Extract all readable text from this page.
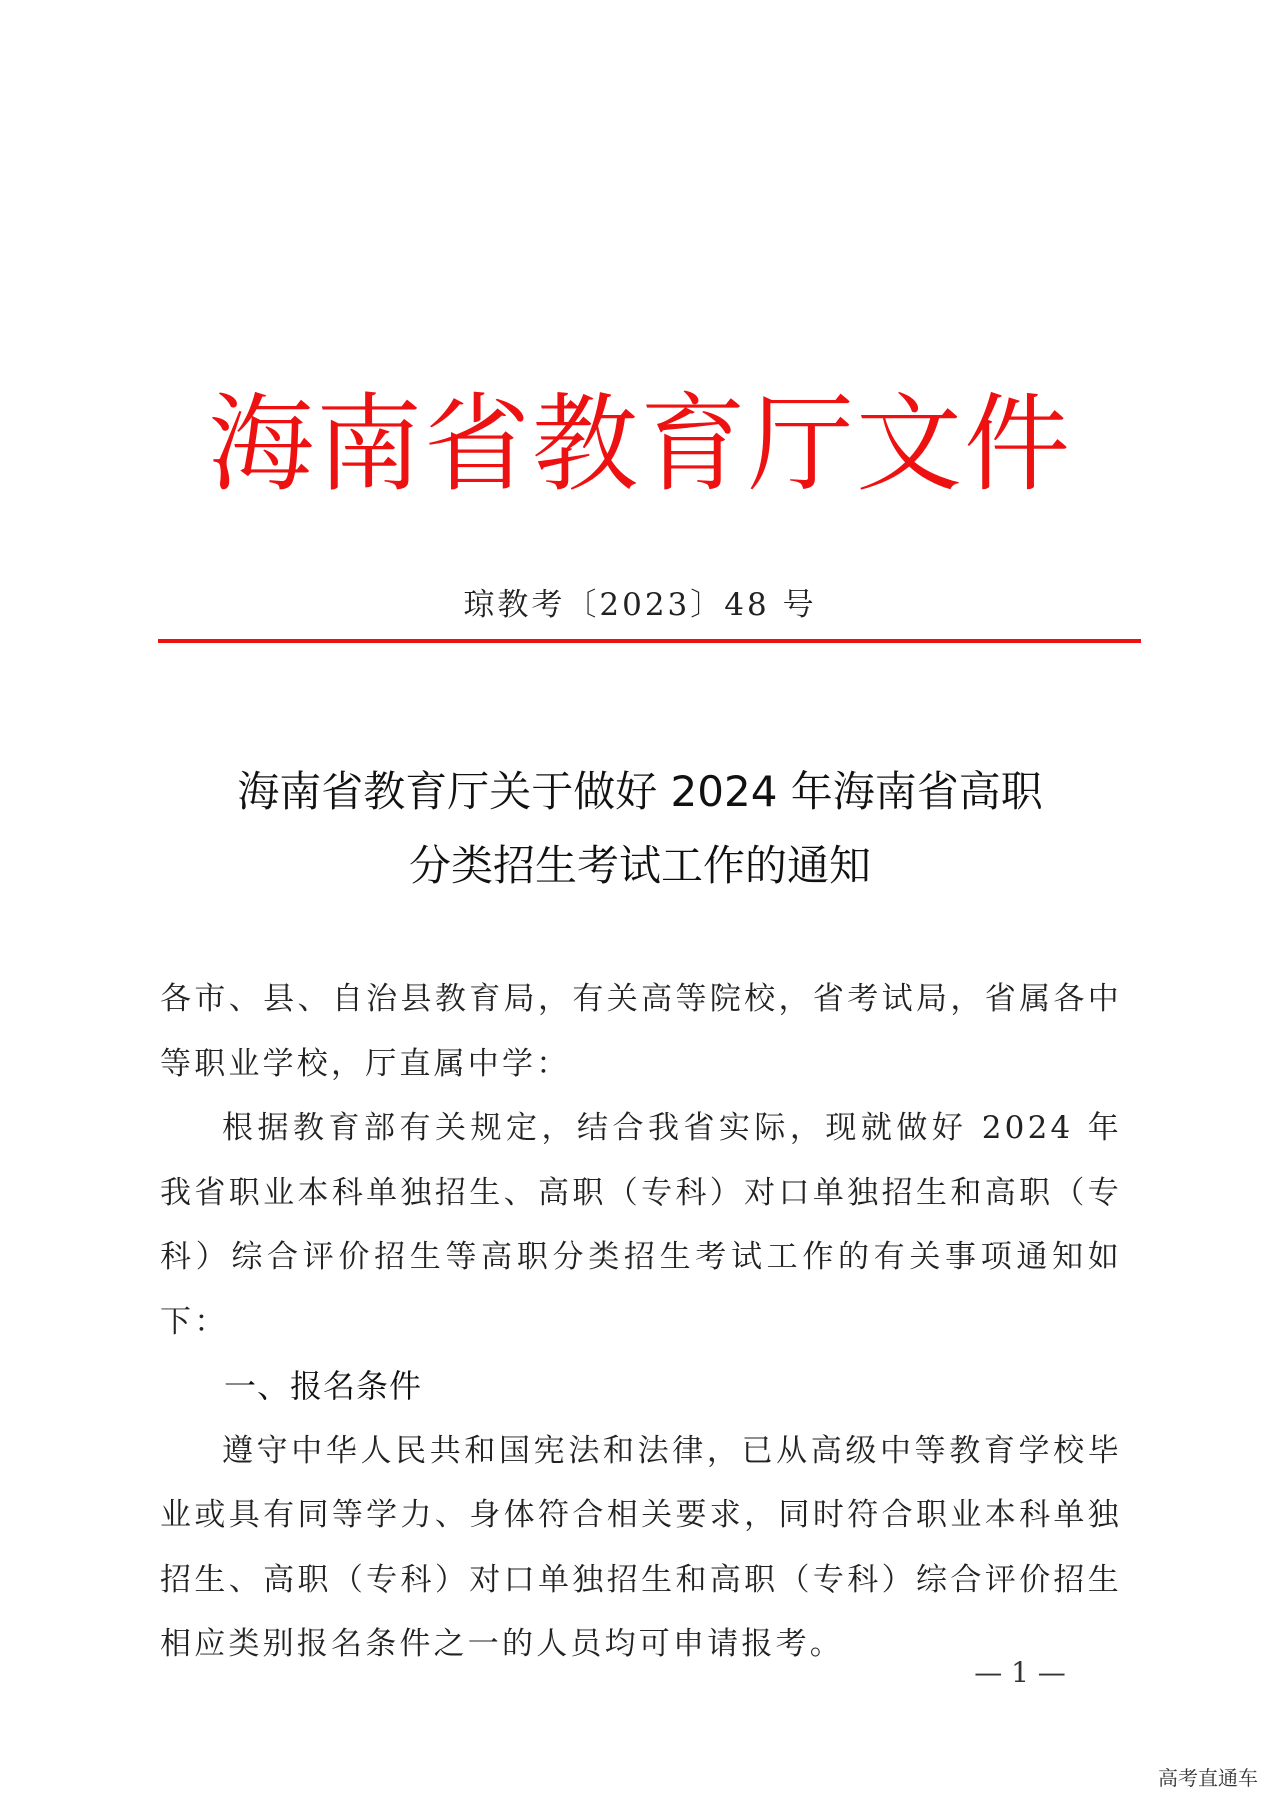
海南省教育厅文件
琼教考〔2023〕48 号
海南省教育厅关于做好 2024 年海南省高职
分类招生考试工作的通知

各市、县、自治县教育局，有关高等院校，省考试局，省属各中等职业学校，厅直属中学：

根据教育部有关规定，结合我省实际，现就做好 2024 年我省职业本科单独招生、高职（专科）对口单独招生和高职（专科）综合评价招生等高职分类招生考试工作的有关事项通知如下：

一、报名条件

遵守中华人民共和国宪法和法律，已从高级中等教育学校毕业或具有同等学力、身体符合相关要求，同时符合职业本科单独招生、高职（专科）对口单独招生和高职（专科）综合评价招生相应类别报名条件之一的人员均可申请报考。

— 1 —
高考直通车
